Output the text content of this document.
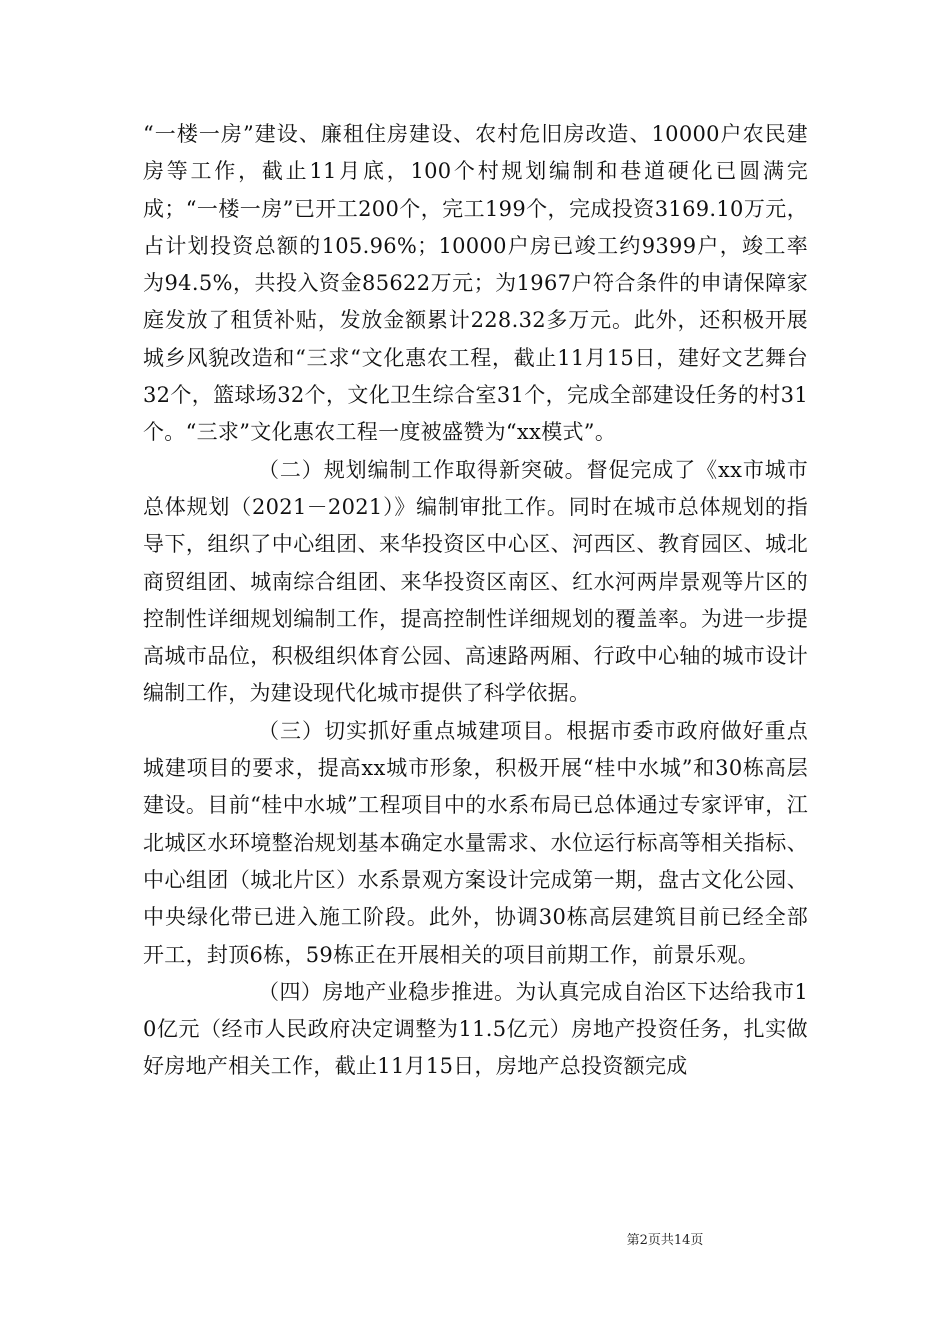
“一楼一房”建设、廉租住房建设、农村危旧房改造、10000户农民建房等工作，截止11月底，100个村规划编制和巷道硬化已圆满完成；“一楼一房”已开工200个，完工199个，完成投资3169.10万元，占计划投资总额的105.96%；10000户房已竣工约9399户，竣工率为94.5%，共投入资金85622万元；为1967户符合条件的申请保障家庭发放了租赁补贴，发放金额累计228.32多万元。此外，还积极开展城乡风貌改造和“三求“文化惠农工程，截止11月15日，建好文艺舞台32个，篮球场32个，文化卫生综合室31个，完成全部建设任务的村31个。“三求”文化惠农工程一度被盛赞为“xx模式”。

（二）规划编制工作取得新突破。督促完成了《xx市城市总体规划（2021－2021）》编制审批工作。同时在城市总体规划的指导下，组织了中心组团、来华投资区中心区、河西区、教育园区、城北商贸组团、城南综合组团、来华投资区南区、红水河两岸景观等片区的控制性详细规划编制工作，提高控制性详细规划的覆盖率。为进一步提高城市品位，积极组织体育公园、高速路两厢、行政中心轴的城市设计编制工作，为建设现代化城市提供了科学依据。

（三）切实抓好重点城建项目。根据市委市政府做好重点城建项目的要求，提高xx城市形象，积极开展“桂中水城”和30栋高层建设。目前“桂中水城”工程项目中的水系布局已总体通过专家评审，江北城区水环境整治规划基本确定水量需求、水位运行标高等相关指标、中心组团（城北片区）水系景观方案设计完成第一期，盘古文化公园、中央绿化带已进入施工阶段。此外，协调30栋高层建筑目前已经全部开工，封顶6栋，59栋正在开展相关的项目前期工作，前景乐观。

（四）房地产业稳步推进。为认真完成自治区下达给我市10亿元（经市人民政府决定调整为11.5亿元）房地产投资任务，扎实做好房地产相关工作，截止11月15日，房地产总投资额完成

第2页共14页
